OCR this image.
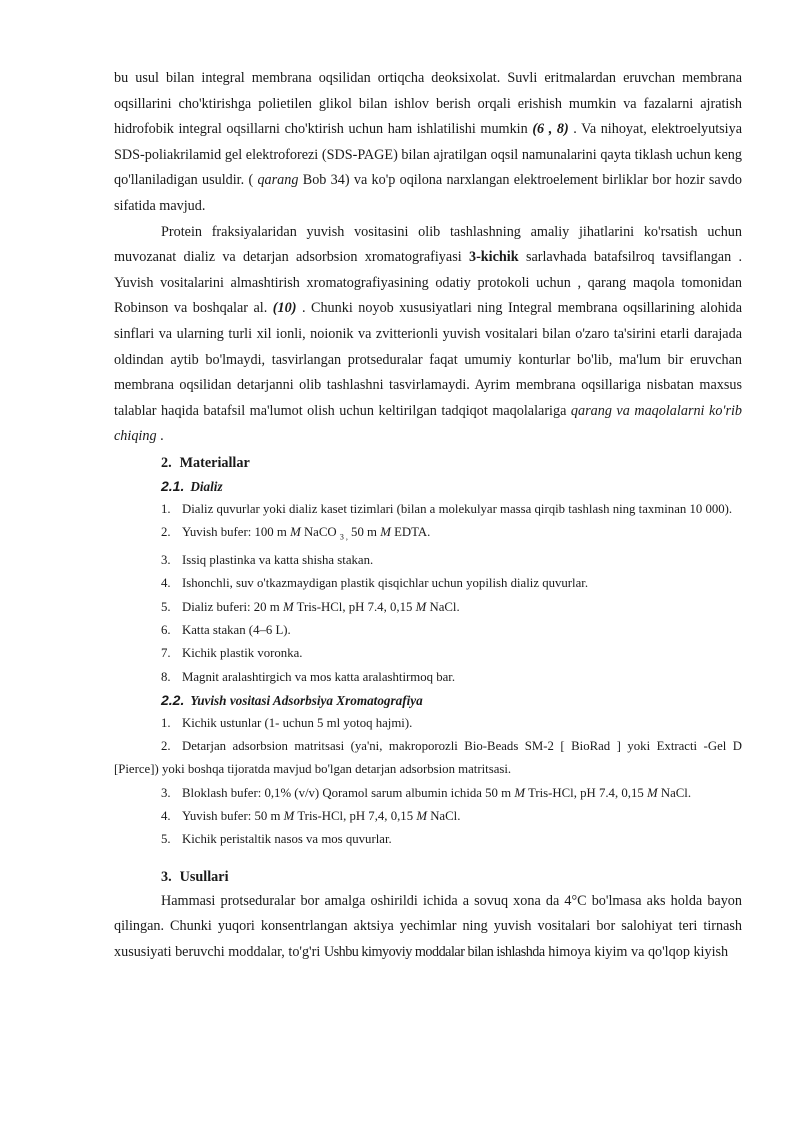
bu usul bilan integral membrana oqsilidan ortiqcha deoksixolat. Suvli eritmalardan eruvchan membrana oqsillarini cho'ktirishga polietilen glikol bilan ishlov berish orqali erishish mumkin va fazalarni ajratish hidrofobik integral oqsillarni cho'ktirish uchun ham ishlatilishi mumkin (6 , 8) . Va nihoyat, elektroelyutsiya SDS-poliakrilamid gel elektroforezi (SDS-PAGE) bilan ajratilgan oqsil namunalarini qayta tiklash uchun keng qo'llaniladigan usuldir. ( qarang Bob 34) va ko'p oqilona narxlangan elektroelement birliklar bor hozir savdo sifatida mavjud.

Protein fraksiyalaridan yuvish vositasini olib tashlashning amaliy jihatlarini ko'rsatish uchun muvozanat dializ va detarjan adsorbsion xromatografiyasi 3-kichik sarlavhada batafsilroq tavsiflangan . Yuvish vositalarini almashtirish xromatografiyasining odatiy protokoli uchun , qarang maqola tomonidan Robinson va boshqalar al. (10) . Chunki noyob xususiyatlari ning Integral membrana oqsillarining alohida sinflari va ularning turli xil ionli, noionik va zvitterionli yuvish vositalari bilan o'zaro ta'sirini etarli darajada oldindan aytib bo'lmaydi, tasvirlangan protseduralar faqat umumiy konturlar bo'lib, ma'lum bir eruvchan membrana oqsilidan detarjanni olib tashlashni tasvirlamaydi. Ayrim membrana oqsillariga nisbatan maxsus talablar haqida batafsil ma'lumot olish uchun keltirilgan tadqiqot maqolalariga qarang va maqolalarni ko'rib chiqing .

2. Materiallar

2.1. Dializ

1. Dializ quvurlar yoki dializ kaset tizimlari (bilan a molekulyar massa qirqib tashlash ning taxminan 10 000).

2. Yuvish bufer: 100 m M NaCO $_{3 ,}$ 50 m M EDTA.

3. Issiq plastinka va katta shisha stakan.

4. Ishonchli, suv o'tkazmaydigan plastik qisqichlar uchun yopilish dializ quvurlar.

5. Dializ buferi: 20 m M Tris-HCl, pH 7.4, 0,15 M NaCl.

6. Katta stakan (4–6 L).

7. Kichik plastik voronka.

8. Magnit aralashtirgich va mos katta aralashtirmoq bar.

2.2. Yuvish vositasi Adsorbsiya Xromatografiya

1. Kichik ustunlar (1- uchun 5 ml yotoq hajmi).

2. Detarjan adsorbsion matritsasi (ya'ni, makroporozli Bio-Beads SM-2 [ BioRad ] yoki Extracti -Gel D [Pierce]) yoki boshqa tijoratda mavjud bo'lgan detarjan adsorbsion matritsasi.

3. Bloklash bufer: 0,1% (v/v) Qoramol sarum albumin ichida 50 m M Tris-HCl, pH 7.4, 0,15 M NaCl.

4. Yuvish bufer: 50 m M Tris-HCl, pH 7,4, 0,15 M NaCl.

5. Kichik peristaltik nasos va mos quvurlar.

3. Usullari

Hammasi protseduralar bor amalga oshirildi ichida a sovuq xona da 4°C bo'lmasa aks holda bayon qilingan. Chunki yuqori konsentrlangan aktsiya yechimlar ning yuvish vositalari bor salohiyat teri tirnash xususiyati beruvchi moddalar, to'g'ri Ushbu kimyoviy moddalar bilan ishlashda himoya kiyim va qo'lqop kiyish
